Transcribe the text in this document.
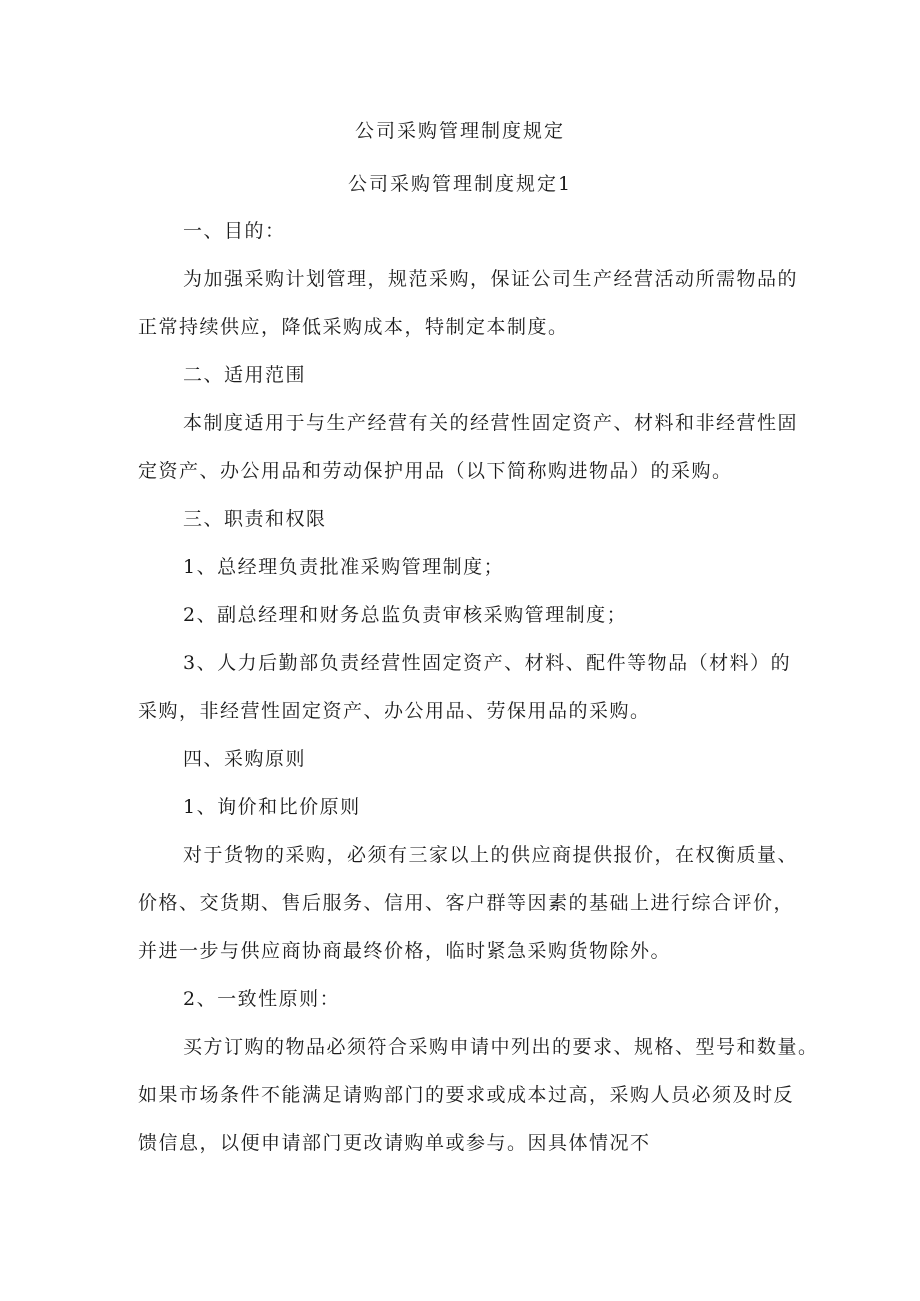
公司采购管理制度规定
公司采购管理制度规定1
一、目的：
为加强采购计划管理，规范采购，保证公司生产经营活动所需物品的
正常持续供应，降低采购成本，特制定本制度。
二、适用范围
本制度适用于与生产经营有关的经营性固定资产、材料和非经营性固
定资产、办公用品和劳动保护用品（以下简称购进物品）的采购。
三、职责和权限
1、总经理负责批准采购管理制度；
2、副总经理和财务总监负责审核采购管理制度；
3、人力后勤部负责经营性固定资产、材料、配件等物品（材料）的
采购，非经营性固定资产、办公用品、劳保用品的采购。
四、采购原则
1、询价和比价原则
对于货物的采购，必须有三家以上的供应商提供报价，在权衡质量、
价格、交货期、售后服务、信用、客户群等因素的基础上进行综合评价，
并进一步与供应商协商最终价格，临时紧急采购货物除外。
2、一致性原则：
买方订购的物品必须符合采购申请中列出的要求、规格、型号和数量。
如果市场条件不能满足请购部门的要求或成本过高，采购人员必须及时反
馈信息，以便申请部门更改请购单或参与。因具体情况不
